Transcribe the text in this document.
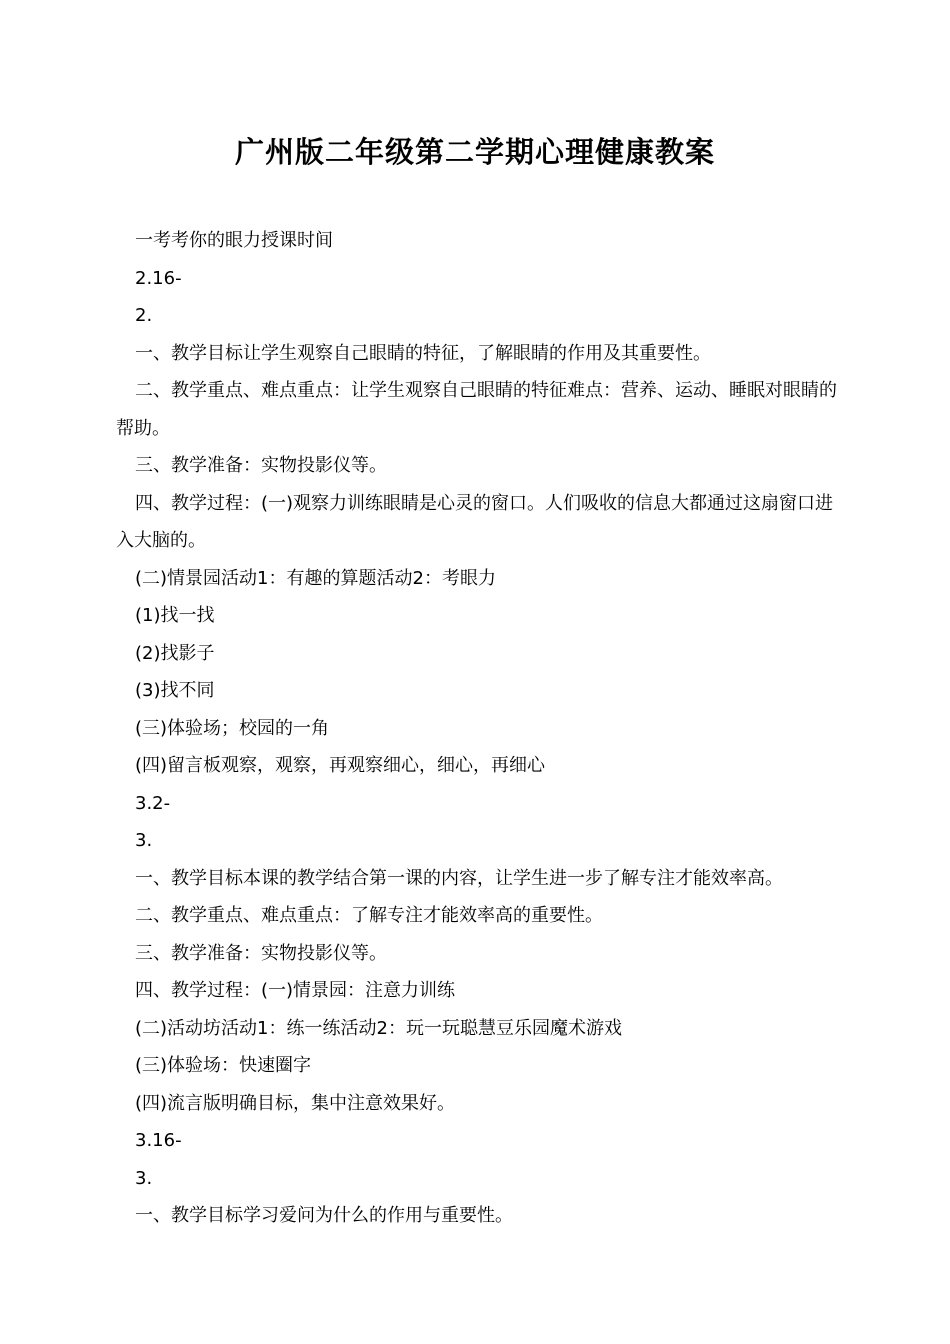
广州版二年级第二学期心理健康教案

一考考你的眼力授课时间

2.16-

2.

一、教学目标让学生观察自己眼睛的特征，了解眼睛的作用及其重要性。

二、教学重点、难点重点：让学生观察自己眼睛的特征难点：营养、运动、睡眠对眼睛的帮助。

三、教学准备：实物投影仪等。

四、教学过程：(一)观察力训练眼睛是心灵的窗口。人们吸收的信息大都通过这扇窗口进入大脑的。

(二)情景园活动1：有趣的算题活动2：考眼力

(1)找一找

(2)找影子

(3)找不同

(三)体验场；校园的一角

(四)留言板观察，观察，再观察细心，细心，再细心

3.2-

3.

一、教学目标本课的教学结合第一课的内容，让学生进一步了解专注才能效率高。

二、教学重点、难点重点：了解专注才能效率高的重要性。

三、教学准备：实物投影仪等。

四、教学过程：(一)情景园：注意力训练

(二)活动坊活动1：练一练活动2：玩一玩聪慧豆乐园魔术游戏

(三)体验场：快速圈字

(四)流言版明确目标，集中注意效果好。

3.16-

3.

一、教学目标学习爱问为什么的作用与重要性。
